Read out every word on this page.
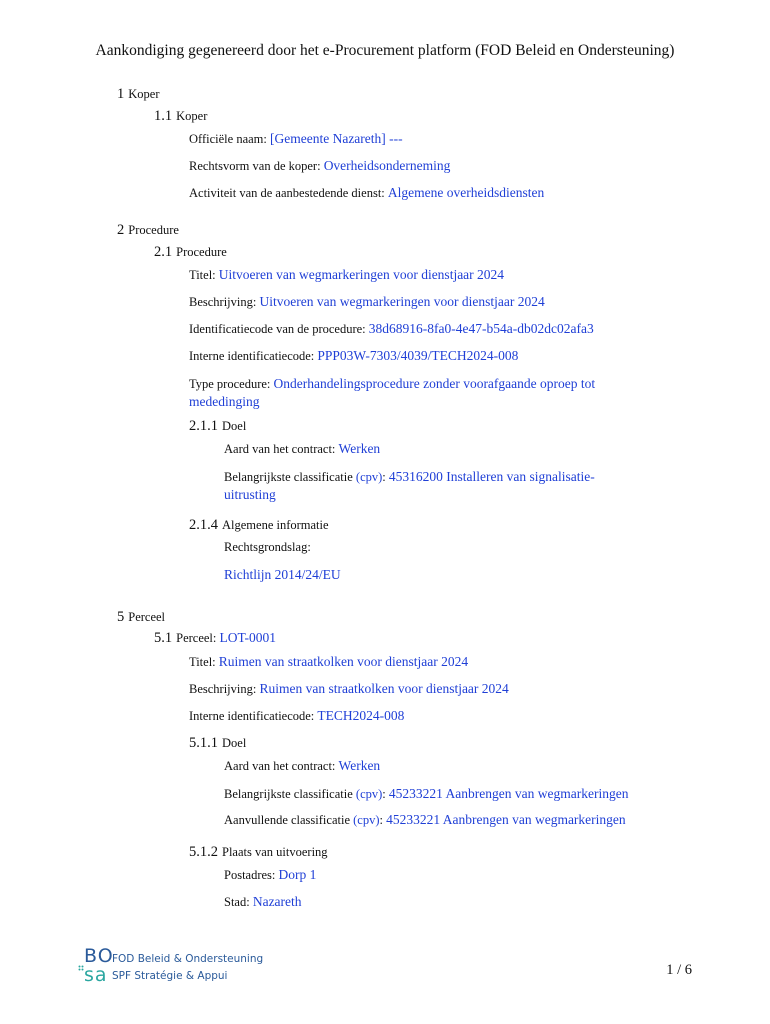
Aankondiging gegenereerd door het e-Procurement platform (FOD Beleid en Ondersteuning)
1 Koper
1.1 Koper
Officiële naam: [Gemeente Nazareth] ---
Rechtsvorm van de koper: Overheidsonderneming
Activiteit van de aanbestedende dienst: Algemene overheidsdiensten
2 Procedure
2.1 Procedure
Titel: Uitvoeren van wegmarkeringen voor dienstjaar 2024
Beschrijving: Uitvoeren van wegmarkeringen voor dienstjaar 2024
Identificatiecode van de procedure: 38d68916-8fa0-4e47-b54a-db02dc02afa3
Interne identificatiecode: PPP03W-7303/4039/TECH2024-008
Type procedure: Onderhandelingsprocedure zonder voorafgaande oproep tot
mededinging
2.1.1 Doel
Aard van het contract: Werken
Belangrijkste classificatie (cpv): 45316200 Installeren van signalisatie-
uitrusting
2.1.4 Algemene informatie
Rechtsgrondslag:
Richtlijn 2014/24/EU
5 Perceel
5.1 Perceel: LOT-0001
Titel: Ruimen van straatkolken voor dienstjaar 2024
Beschrijving: Ruimen van straatkolken voor dienstjaar 2024
Interne identificatiecode: TECH2024-008
5.1.1 Doel
Aard van het contract: Werken
Belangrijkste classificatie (cpv): 45233221 Aanbrengen van wegmarkeringen
Aanvullende classificatie (cpv): 45233221 Aanbrengen van wegmarkeringen
5.1.2 Plaats van uitvoering
Postadres: Dorp 1
Stad: Nazareth
BO
sa
FOD Beleid & Ondersteuning
SPF Stratégie & Appui	1 / 6
